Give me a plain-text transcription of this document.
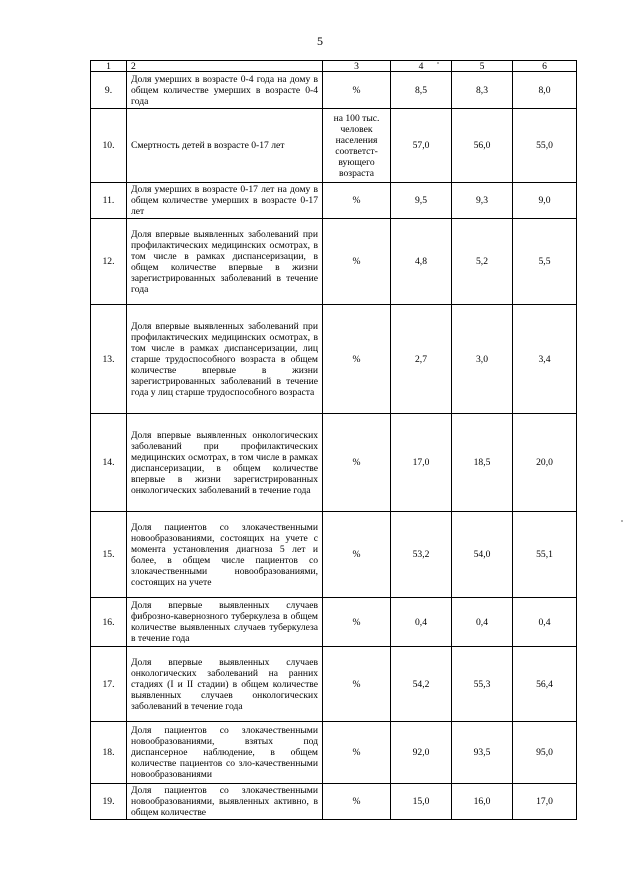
5
1	2	3	4	5	6
9.	Доля умерших в возрасте 0-4 года на дому в общем количестве умерших в возрасте 0-4 года	%	8,5	8,3	8,0
10.	Смертность детей в возрасте 0-17 лет	на 100 тыс. человек населения соответст-вующего возраста	57,0	56,0	55,0
11.	Доля умерших в возрасте 0-17 лет на дому в общем количестве умерших в возрасте 0-17 лет	%	9,5	9,3	9,0
12.	Доля впервые выявленных заболеваний при профилактических медицинских осмотрах, в том числе в рамках диспансеризации, в общем количестве впервые в жизни зарегистрированных заболеваний в течение года	%	4,8	5,2	5,5
13.	Доля впервые выявленных заболеваний при профилактических медицинских осмотрах, в том числе в рамках диспансеризации, лиц старше трудоспособного возраста в общем количестве впервые в жизни зарегистрированных заболеваний в течение года у лиц старше трудоспособного возраста	%	2,7	3,0	3,4
14.	Доля впервые выявленных онкологических заболеваний при профилактических медицинских осмотрах, в том числе в рамках диспансеризации, в общем количестве впервые в жизни зарегистрированных онкологических заболеваний в течение года	%	17,0	18,5	20,0
15.	Доля пациентов со злокачественными новообразованиями, состоящих на учете с момента установления диагноза 5 лет и более, в общем числе пациентов со злокачественными новообразованиями, состоящих на учете	%	53,2	54,0	55,1
16.	Доля впервые выявленных случаев фиброзно-кавернозного туберкулеза в общем количестве выявленных случаев туберкулеза в течение года	%	0,4	0,4	0,4
17.	Доля впервые выявленных случаев онкологических заболеваний на ранних стадиях (I и II стадии) в общем количестве выявленных случаев онкологических заболеваний в течение года	%	54,2	55,3	56,4
18.	Доля пациентов со злокачественными новообразованиями, взятых под диспансерное наблюдение, в общем количестве пациентов со зло-качественными новообразованиями	%	92,0	93,5	95,0
19.	Доля пациентов со злокачественными новообразованиями, выявленных активно, в общем количестве	%	15,0	16,0	17,0
